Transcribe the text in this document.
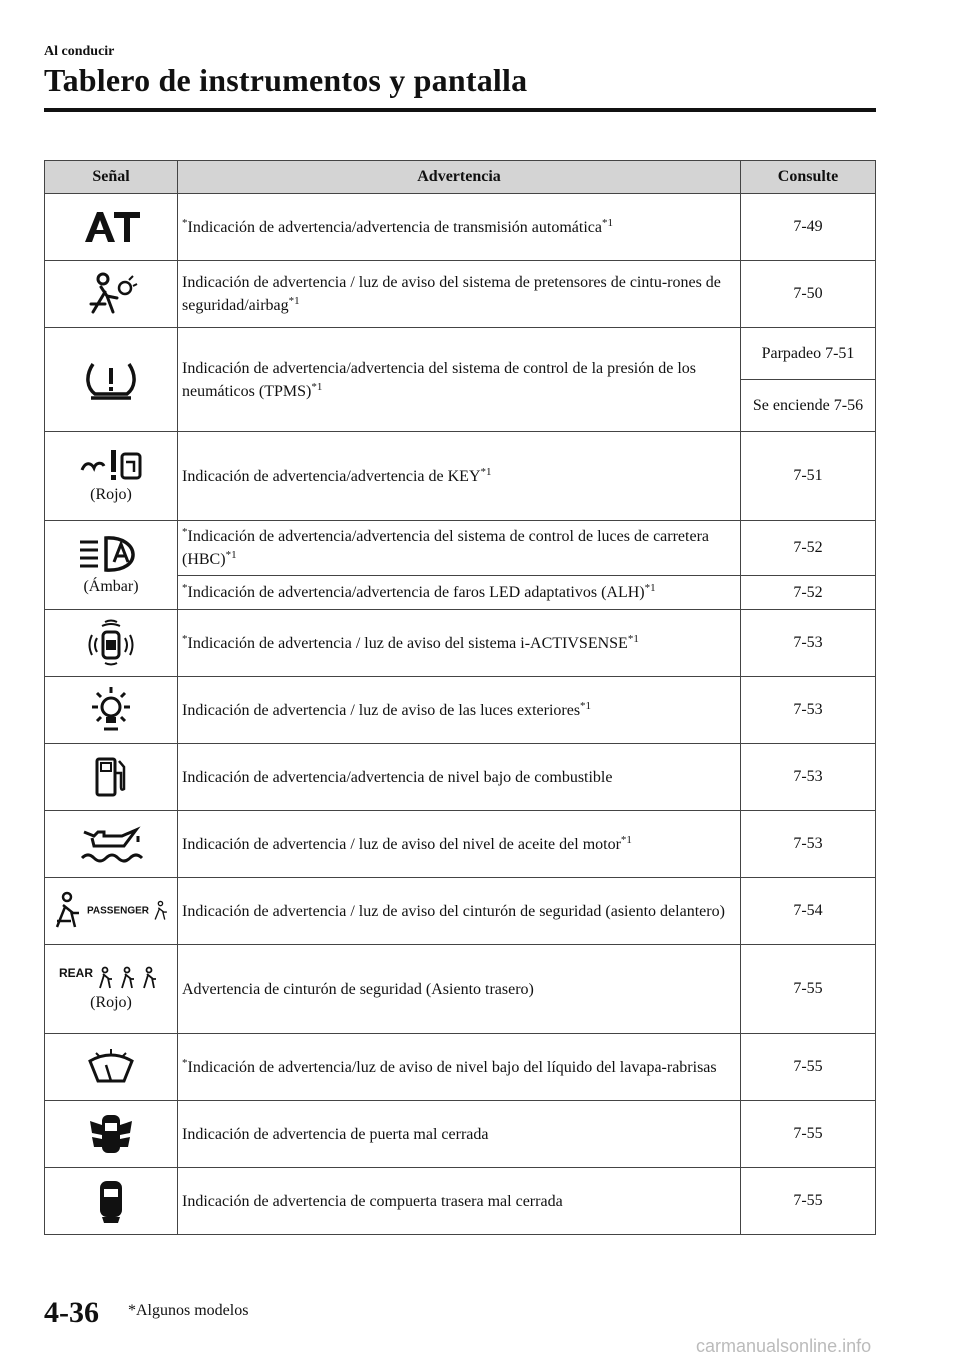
Al conducir
Tablero de instrumentos y pantalla
Señal	Advertencia	Consulte
	*Indicación de advertencia/advertencia de transmisión automática$^{*1}$	7-49
	Indicación de advertencia / luz de aviso del sistema de pretensores de cintu-rones de seguridad/airbag$^{*1}$	7-50
	Indicación de advertencia/advertencia del sistema de control de la presión de los neumáticos (TPMS)$^{*1}$	Parpadeo 7-51
		Se enciende 7-56

(Rojo)	Indicación de advertencia/advertencia de KEY$^{*1}$	7-51

(Ámbar)	*Indicación de advertencia/advertencia del sistema de control de luces de carretera (HBC)$^{*1}$	7-52
	*Indicación de advertencia/advertencia de faros LED adaptativos (ALH)$^{*1}$	7-52
	*Indicación de advertencia / luz de aviso del sistema i-ACTIVSENSE$^{*1}$	7-53
	Indicación de advertencia / luz de aviso de las luces exteriores$^{*1}$	7-53
	Indicación de advertencia/advertencia de nivel bajo de combustible	7-53
	Indicación de advertencia / luz de aviso del nivel de aceite del motor$^{*1}$	7-53
PASSENGER	Indicación de advertencia / luz de aviso del cinturón de seguridad (asiento delantero)	7-54

$^{REAR}$
(Rojo)	Advertencia de cinturón de seguridad (Asiento trasero)	7-55
	*Indicación de advertencia/luz de aviso de nivel bajo del líquido del lavapa-rabrisas	7-55
	Indicación de advertencia de puerta mal cerrada	7-55
	Indicación de advertencia de compuerta trasera mal cerrada	7-55
4-36 *Algunos modelos
carmanualsonline.info
